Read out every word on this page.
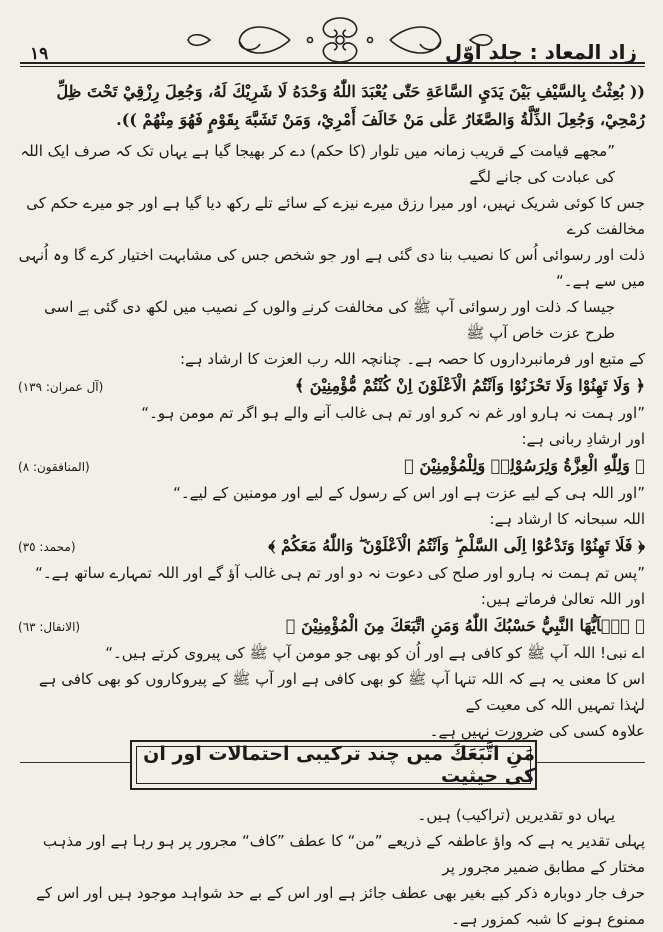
١٩	زاد المعاد : جلد اوّل

(( بُعِثْتُ بِالسَّيْفِ بَيْنَ يَدَيِ السَّاعَةِ حَتّٰى يُعْبَدَ اللّٰهُ وَحْدَهُ لَا شَرِيْكَ لَهُ، وَجُعِلَ رِزْقِيْ تَحْتَ ظِلِّ

رُمْحِيْ، وَجُعِلَ الذِّلَّةُ وَالصَّغَارُ عَلٰى مَنْ خَالَفَ أَمْرِيْ، وَمَنْ تَشَبَّهَ بِقَوْمٍ فَهُوَ مِنْهُمْ )).

”مجھے قیامت کے قریب زمانہ میں تلوار (کا حکم) دے کر بھیجا گیا ہے یہاں تک کہ صرف ایک اللہ کی عبادت کی جانے لگے

جس کا کوئی شریک نہیں، اور میرا رزق میرے نیزے کے سائے تلے رکھ دیا گیا ہے اور جو میرے حکم کی مخالفت کرے

ذلت اور رسوائی اُس کا نصیب بنا دی گئی ہے اور جو شخص جس کی مشابہت اختیار کرے گا وہ اُنہی میں سے ہے۔“

جیسا کہ ذلت اور رسوائی آپ ﷺ کی مخالفت کرنے والوں کے نصیب میں لکھ دی گئی ہے اسی طرح عزت خاص آپ ﷺ

کے متبع اور فرمانبرداروں کا حصہ ہے۔ چنانچہ اللہ رب العزت کا ارشاد ہے:

﴿ وَلَا تَهِنُوْا وَلَا تَحْزَنُوْا وَاَنْتُمُ الْاَعْلَوْنَ اِنْ كُنْتُمْ مُّؤْمِنِيْنَ ﴾
(آل عمران: ١٣٩)

”اور ہمت نہ ہارو اور غم نہ کرو اور تم ہی غالب آنے والے ہو اگر تم مومن ہو۔“

اور ارشادِ ربانی ہے:

﴿ وَلِلّٰهِ الْعِزَّةُ وَلِرَسُوْلِهٖ وَلِلْمُؤْمِنِيْنَ ﴾
(المنافقون: ٨)

”اور اللہ ہی کے لیے عزت ہے اور اس کے رسول کے لیے اور مومنین کے لیے۔“

اللہ سبحانہ کا ارشاد ہے:

﴿ فَلَا تَهِنُوْا وَتَدْعُوْا اِلَى السَّلْمِ ۖ وَاَنْتُمُ الْاَعْلَوْنَ ۖ وَاللّٰهُ مَعَكُمْ ﴾
(محمد: ٣٥)

”پس تم ہمت نہ ہارو اور صلح کی دعوت نہ دو اور تم ہی غالب آؤ گے اور اللہ تمہارے ساتھ ہے۔“

اور اللہ تعالیٰ فرماتے ہیں:

﴿ يٰۤاَيُّهَا النَّبِيُّ حَسْبُكَ اللّٰهُ وَمَنِ اتَّبَعَكَ مِنَ الْمُؤْمِنِيْنَ ﴾
(الانفال: ٦٣)

اے نبی! اللہ آپ ﷺ کو کافی ہے اور اُن کو بھی جو مومن آپ ﷺ کی پیروی کرتے ہیں۔“

اس کا معنی یہ ہے کہ اللہ تنہا آپ ﷺ کو بھی کافی ہے اور آپ ﷺ کے پیروکاروں کو بھی کافی ہے لہٰذا تمہیں اللہ کی معیت کے

علاوہ کسی کی ضرورت نہیں ہے۔

مَنِ اتَّبَعَكَ میں چند ترکیبی احتمالات اور ان کی حیثیت

یہاں دو تقدیریں (تراکیب) ہیں۔

پہلی تقدیر یہ ہے کہ واؤ عاطفہ کے ذریعے ”من“ کا عطف ”کاف“ مجرور پر ہو رہا ہے اور مذہب مختار کے مطابق ضمیر مجرور پر

حرف جار دوبارہ ذکر کیے بغیر بھی عطف جائز ہے اور اس کے بے حد شواہد موجود ہیں اور اس کے ممنوع ہونے کا شبہ کمزور ہے۔
